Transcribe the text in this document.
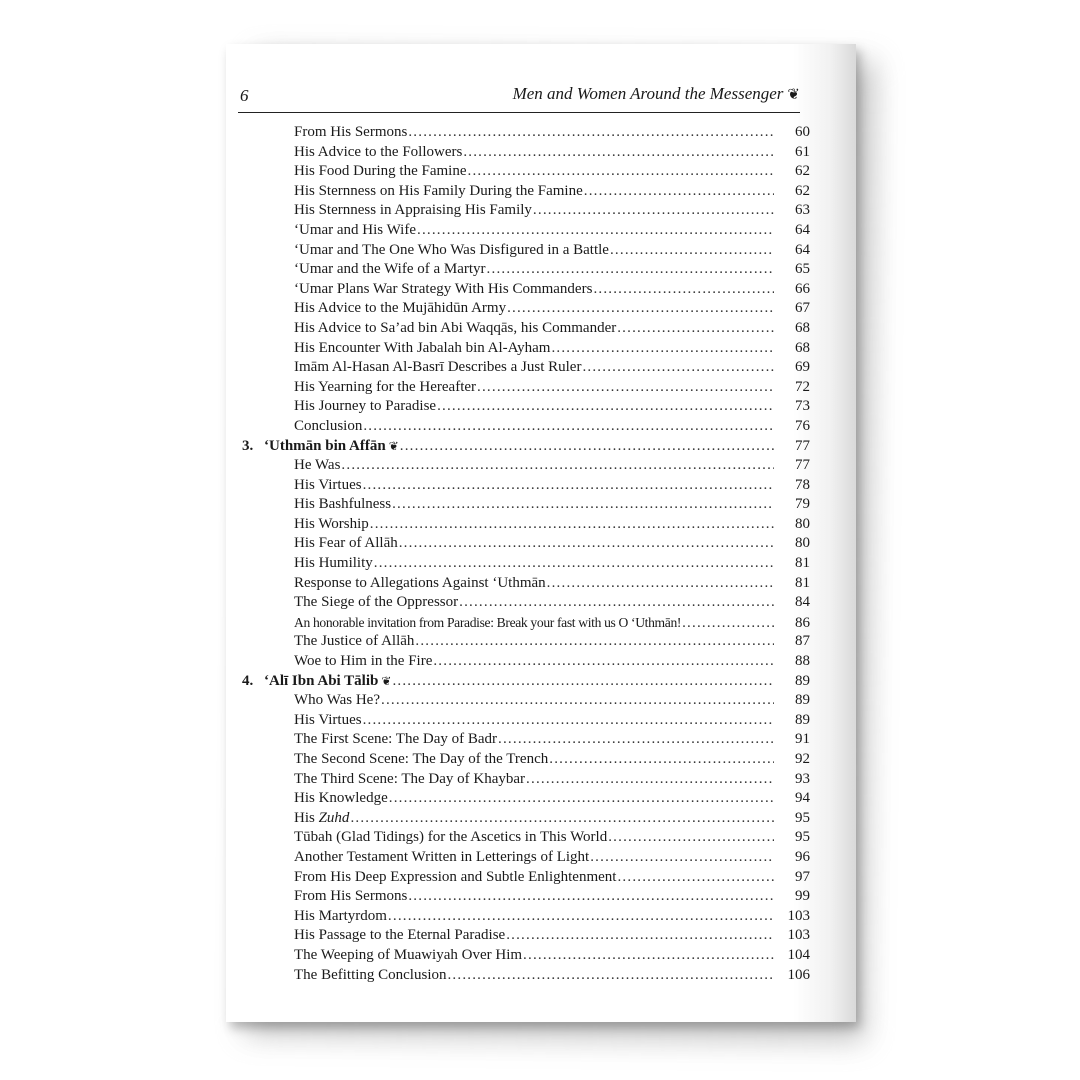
6	Men and Women Around the Messenger ❦
From His Sermons .....	60
His Advice to the Followers .....	61
His Food During the Famine .....	62
His Sternness on His Family During the Famine .....	62
His Sternness in Appraising His Family .....	63
‘Umar and His Wife .....	64
‘Umar and The One Who Was Disfigured in a Battle .....	64
‘Umar and the Wife of a Martyr .....	65
‘Umar Plans War Strategy With His Commanders .....	66
His Advice to the Mujāhidūn Army .....	67
His Advice to Sa’ad bin Abi Waqqās, his Commander .....	68
His Encounter With Jabalah bin Al-Ayham .....	68
Imām Al-Hasan Al-Basrī Describes a Just Ruler .....	69
His Yearning for the Hereafter .....	72
His Journey to Paradise .....	73
Conclusion .....	76
3. ‘Uthmān bin Affān ❦ .....	77
He Was .....	77
His Virtues .....	78
His Bashfulness .....	79
His Worship .....	80
His Fear of Allāh .....	80
His Humility .....	81
Response to Allegations Against ‘Uthmān .....	81
The Siege of the Oppressor .....	84
An honorable invitation from Paradise: Break your fast with us O ‘Uthmān! .....	86
The Justice of Allāh .....	87
Woe to Him in the Fire .....	88
4. ‘Alī Ibn Abi Tālib ❦ .....	89
Who Was He? .....	89
His Virtues .....	89
The First Scene: The Day of Badr .....	91
The Second Scene: The Day of the Trench .....	92
The Third Scene: The Day of Khaybar .....	93
His Knowledge .....	94
His Zuhd .....	95
Tūbah (Glad Tidings) for the Ascetics in This World .....	95
Another Testament Written in Letterings of Light .....	96
From His Deep Expression and Subtle Enlightenment .....	97
From His Sermons .....	99
His Martyrdom .....	103
His Passage to the Eternal Paradise .....	103
The Weeping of Muawiyah Over Him .....	104
The Befitting Conclusion .....	106
